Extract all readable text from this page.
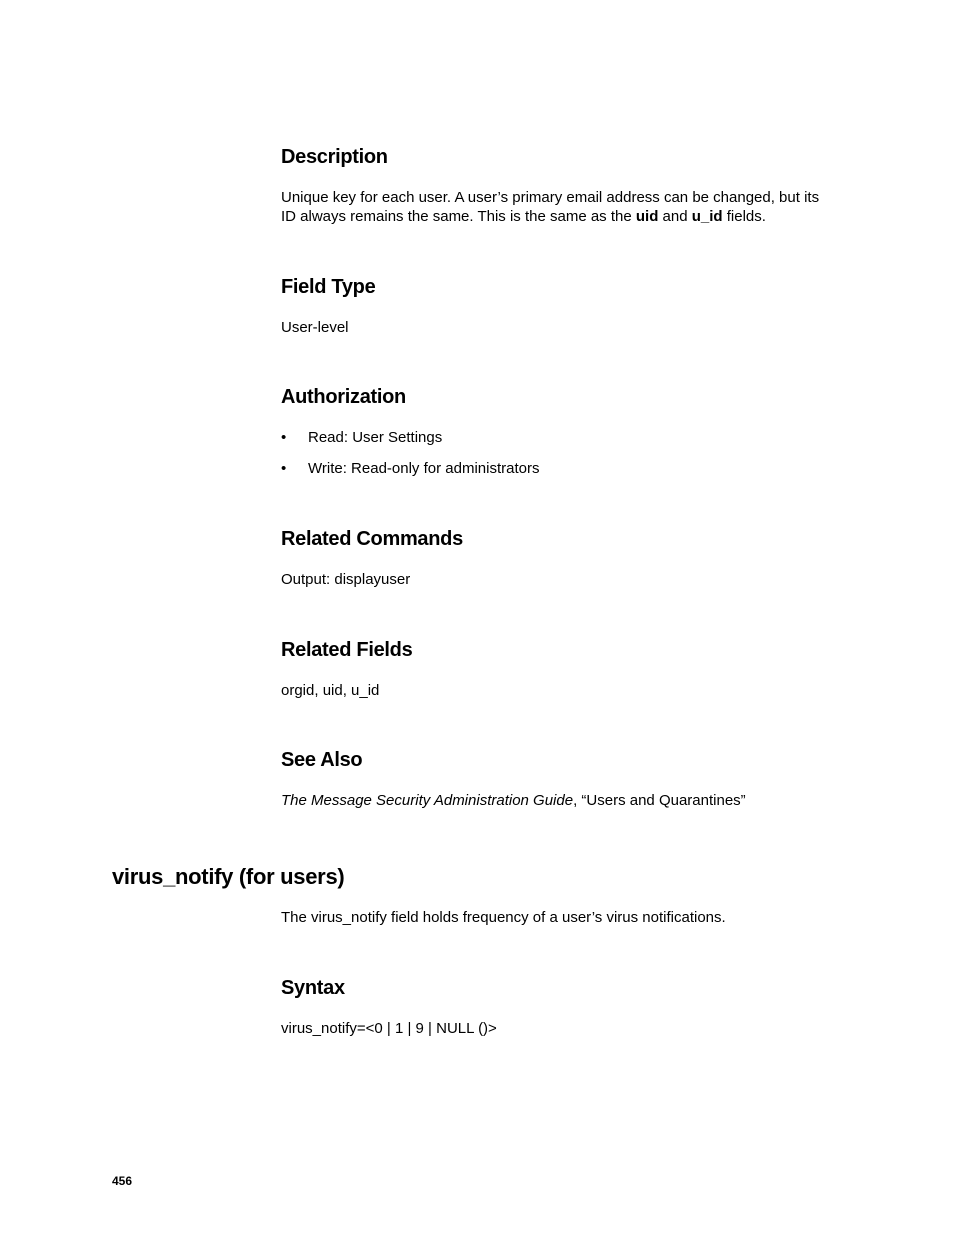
Description

Unique key for each user. A user’s primary email address can be changed, but its
ID always remains the same. This is the same as the uid and u_id fields.

Field Type

User-level

Authorization
• Read: User Settings
• Write: Read-only for administrators
Related Commands

Output: displayuser

Related Fields

orgid, uid, u_id

See Also

The Message Security Administration Guide, “Users and Quarantines”

virus_notify (for users)

The virus_notify field holds frequency of a user’s virus notifications.

Syntax

virus_notify=<0 | 1 | 9 | NULL ()>

456
